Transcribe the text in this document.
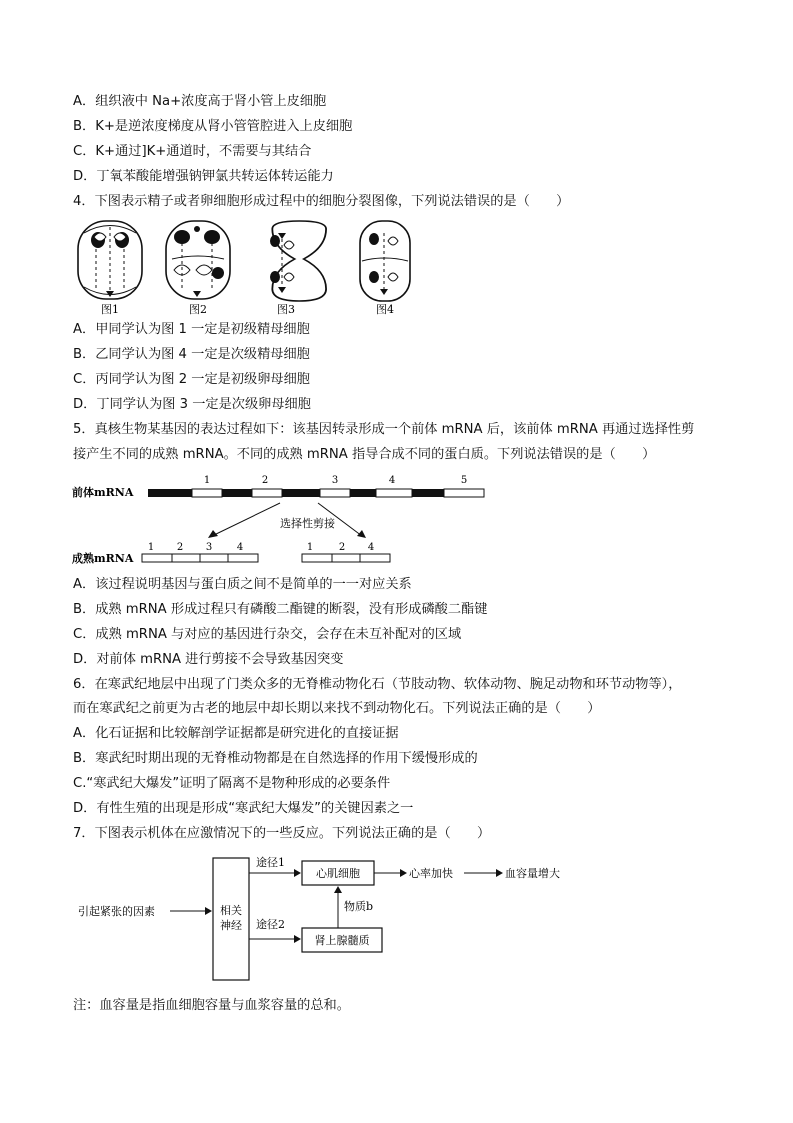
A．组织液中 Na+浓度高于肾小管上皮细胞
B．K+是逆浓度梯度从肾小管管腔进入上皮细胞
C．K+通过]K+通道时，不需要与其结合
D．丁氧苯酸能增强钠钾氯共转运体转运能力
4．下图表示精子或者卵细胞形成过程中的细胞分裂图像，下列说法错误的是（　　）
图1	图2	图3	图4
A．甲同学认为图 1 一定是初级精母细胞
B．乙同学认为图 4 一定是次级精母细胞
C．丙同学认为图 2 一定是初级卵母细胞
D．丁同学认为图 3 一定是次级卵母细胞
5．真核生物某基因的表达过程如下：该基因转录形成一个前体 mRNA 后，该前体 mRNA 再通过选择性剪
接产生不同的成熟 mRNA。不同的成熟 mRNA 指导合成不同的蛋白质。下列说法错误的是（　　）
前体mRNA
1	2	3	4	5
选择性剪接
成熟mRNA
1 2 3 4	1	2 4
A．该过程说明基因与蛋白质之间不是简单的一一对应关系
B．成熟 mRNA 形成过程只有磷酸二酯键的断裂，没有形成磷酸二酯键
C．成熟 mRNA 与对应的基因进行杂交，会存在未互补配对的区域
D．对前体 mRNA 进行剪接不会导致基因突变
6．在寒武纪地层中出现了门类众多的无脊椎动物化石（节肢动物、软体动物、腕足动物和环节动物等），
而在寒武纪之前更为古老的地层中却长期以来找不到动物化石。下列说法正确的是（　　）
A．化石证据和比较解剖学证据都是研究进化的直接证据
B．寒武纪时期出现的无脊椎动物都是在自然选择的作用下缓慢形成的
C.“寒武纪大爆发”证明了隔离不是物种形成的必要条件
D．有性生殖的出现是形成“寒武纪大爆发”的关键因素之一
7．下图表示机体在应激情况下的一些反应。下列说法正确的是（　　）
引起紧张的因素	相关
神经
途径1
心肌细胞	心率加快	血容量增大
物质b
途径2
肾上腺髓质
注：血容量是指血细胞容量与血浆容量的总和。
